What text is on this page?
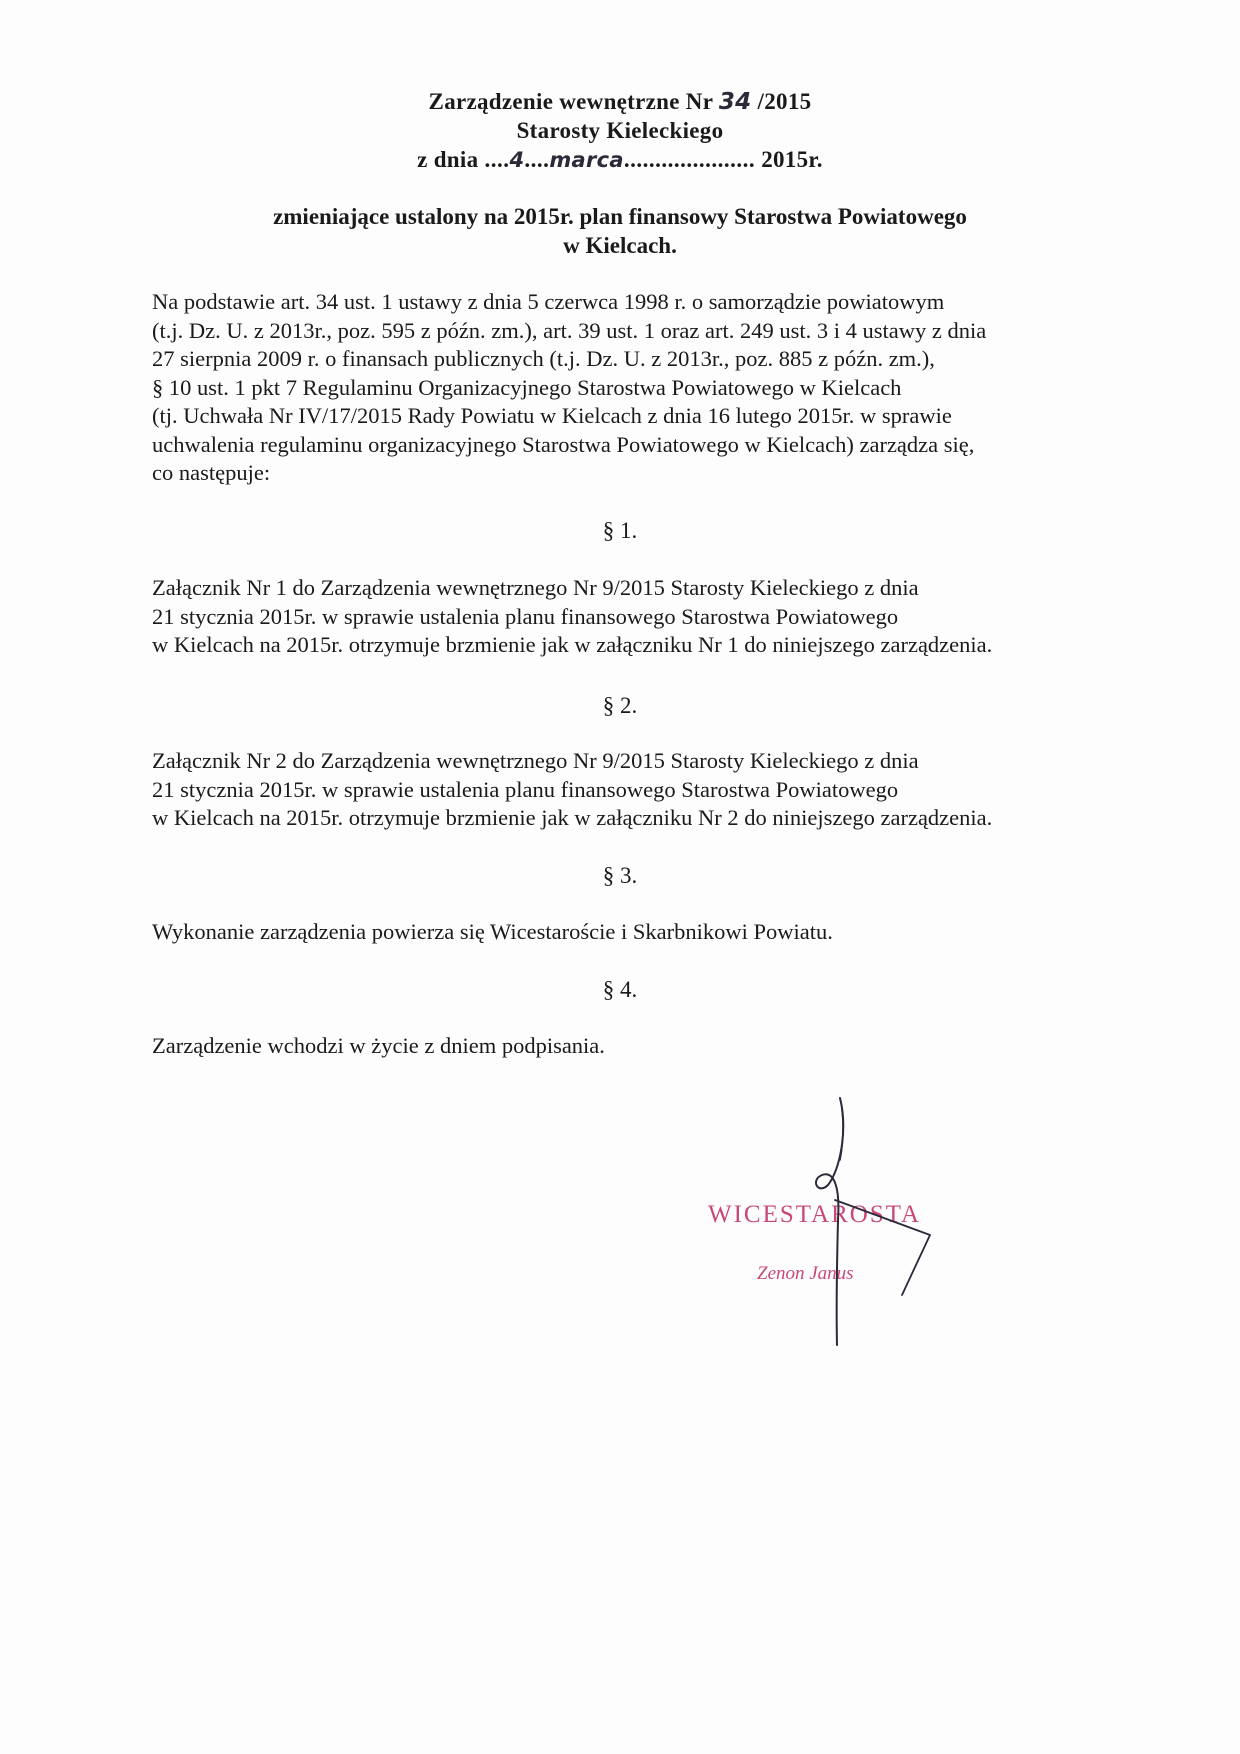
Zarządzenie wewnętrzne Nr 34 /2015
Starosty Kieleckiego
z dnia ....4....marca..................... 2015r.
zmieniające ustalony na 2015r. plan finansowy Starostwa Powiatowego
w Kielcach.
Na podstawie art. 34 ust. 1 ustawy z dnia 5 czerwca 1998 r. o samorządzie powiatowym
(t.j. Dz. U. z 2013r., poz. 595 z późn. zm.), art. 39 ust. 1 oraz art. 249 ust. 3 i 4 ustawy z dnia
27 sierpnia 2009 r. o finansach publicznych (t.j. Dz. U. z 2013r., poz. 885 z późn. zm.),
§ 10 ust. 1 pkt 7 Regulaminu Organizacyjnego Starostwa Powiatowego w Kielcach
(tj. Uchwała Nr IV/17/2015 Rady Powiatu w Kielcach z dnia 16 lutego 2015r. w sprawie
uchwalenia regulaminu organizacyjnego Starostwa Powiatowego w Kielcach) zarządza się,
co następuje:
§ 1.
Załącznik Nr 1 do Zarządzenia wewnętrznego Nr 9/2015 Starosty Kieleckiego z dnia
21 stycznia 2015r. w sprawie ustalenia planu finansowego Starostwa Powiatowego
w Kielcach na 2015r. otrzymuje brzmienie jak w załączniku Nr 1 do niniejszego zarządzenia.
§ 2.
Załącznik Nr 2 do Zarządzenia wewnętrznego Nr 9/2015 Starosty Kieleckiego z dnia
21 stycznia 2015r. w sprawie ustalenia planu finansowego Starostwa Powiatowego
w Kielcach na 2015r. otrzymuje brzmienie jak w załączniku Nr 2 do niniejszego zarządzenia.
§ 3.
Wykonanie zarządzenia powierza się Wicestaroście i Skarbnikowi Powiatu.
§ 4.
Zarządzenie wchodzi w życie z dniem podpisania.
WICESTAROSTA
Zenon Janus
